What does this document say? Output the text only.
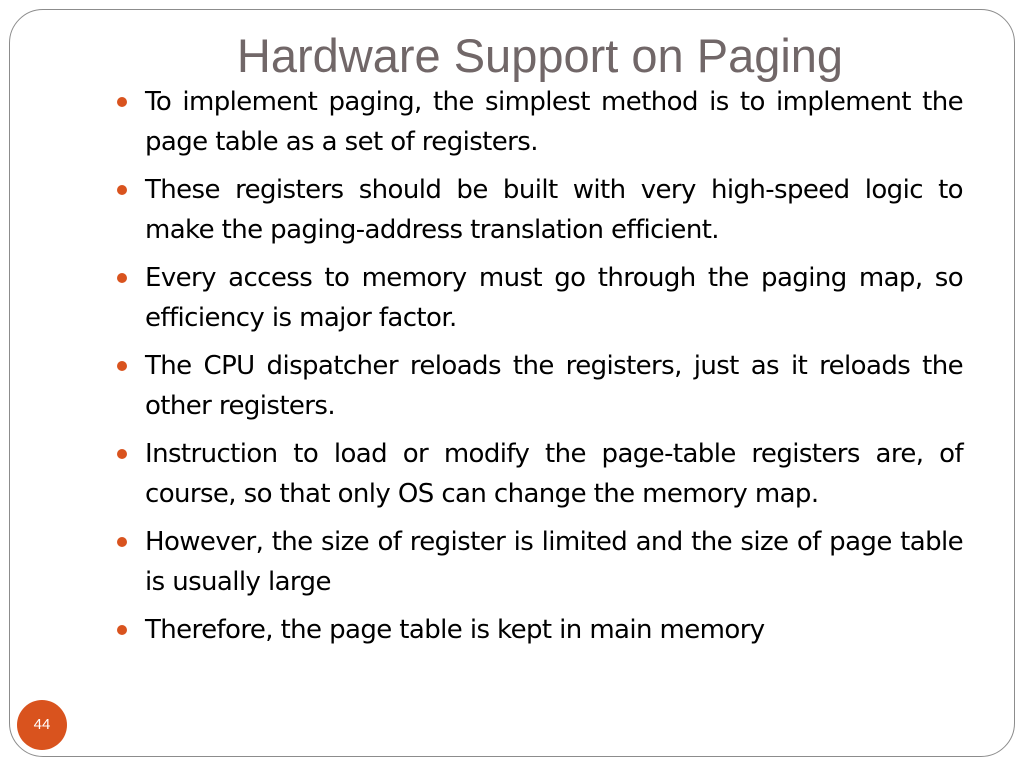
Hardware Support on Paging
To implement paging, the simplest method is to implement the page table as a set of registers.
These registers should be built with very high-speed logic to make the paging-address translation efficient.
Every access to memory must go through the paging map, so efficiency is major factor.
The CPU dispatcher reloads the registers, just as it reloads the other registers.
Instruction to load or modify the page-table registers are, of course, so that only OS can change the memory map.
However, the size of register is limited and the size of page table is usually large
Therefore, the page table is kept in main memory
44
